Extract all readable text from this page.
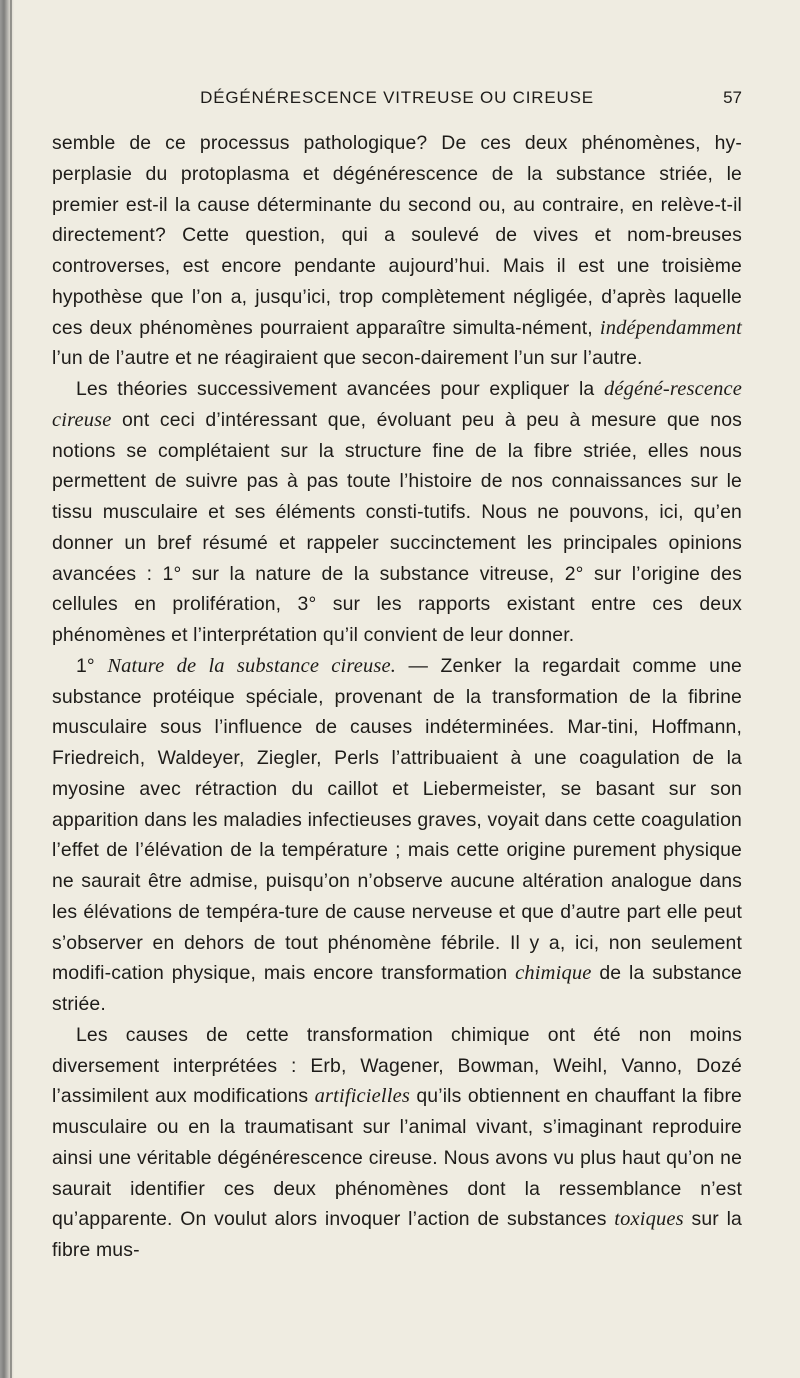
DÉGÉNÉRESCENCE VITREUSE OU CIREUSE	57

semble de ce processus pathologique? De ces deux phénomènes, hy-perplasie du protoplasma et dégénérescence de la substance striée, le premier est-il la cause déterminante du second ou, au contraire, en relève-t-il directement? Cette question, qui a soulevé de vives et nom-breuses controverses, est encore pendante aujourd’hui. Mais il est une troisième hypothèse que l’on a, jusqu’ici, trop complètement négligée, d’après laquelle ces deux phénomènes pourraient apparaître simulta-nément, indépendamment l’un de l’autre et ne réagiraient que secon-dairement l’un sur l’autre.

Les théories successivement avancées pour expliquer la dégéné-rescence cireuse ont ceci d’intéressant que, évoluant peu à peu à mesure que nos notions se complétaient sur la structure fine de la fibre striée, elles nous permettent de suivre pas à pas toute l’histoire de nos connaissances sur le tissu musculaire et ses éléments consti-tutifs. Nous ne pouvons, ici, qu’en donner un bref résumé et rappeler succinctement les principales opinions avancées : 1° sur la nature de la substance vitreuse, 2° sur l’origine des cellules en prolifération, 3° sur les rapports existant entre ces deux phénomènes et l’interprétation qu’il convient de leur donner.

1° Nature de la substance cireuse. — Zenker la regardait comme une substance protéique spéciale, provenant de la transformation de la fibrine musculaire sous l’influence de causes indéterminées. Mar-tini, Hoffmann, Friedreich, Waldeyer, Ziegler, Perls l’attribuaient à une coagulation de la myosine avec rétraction du caillot et Liebermeister, se basant sur son apparition dans les maladies infectieuses graves, voyait dans cette coagulation l’effet de l’élévation de la température ; mais cette origine purement physique ne saurait être admise, puisqu’on n’observe aucune altération analogue dans les élévations de tempéra-ture de cause nerveuse et que d’autre part elle peut s’observer en dehors de tout phénomène fébrile. Il y a, ici, non seulement modifi-cation physique, mais encore transformation chimique de la substance striée.

Les causes de cette transformation chimique ont été non moins diversement interprétées : Erb, Wagener, Bowman, Weihl, Vanno, Dozé l’assimilent aux modifications artificielles qu’ils obtiennent en chauffant la fibre musculaire ou en la traumatisant sur l’animal vivant, s’imaginant reproduire ainsi une véritable dégénérescence cireuse. Nous avons vu plus haut qu’on ne saurait identifier ces deux phénomènes dont la ressemblance n’est qu’apparente. On voulut alors invoquer l’action de substances toxiques sur la fibre mus-
